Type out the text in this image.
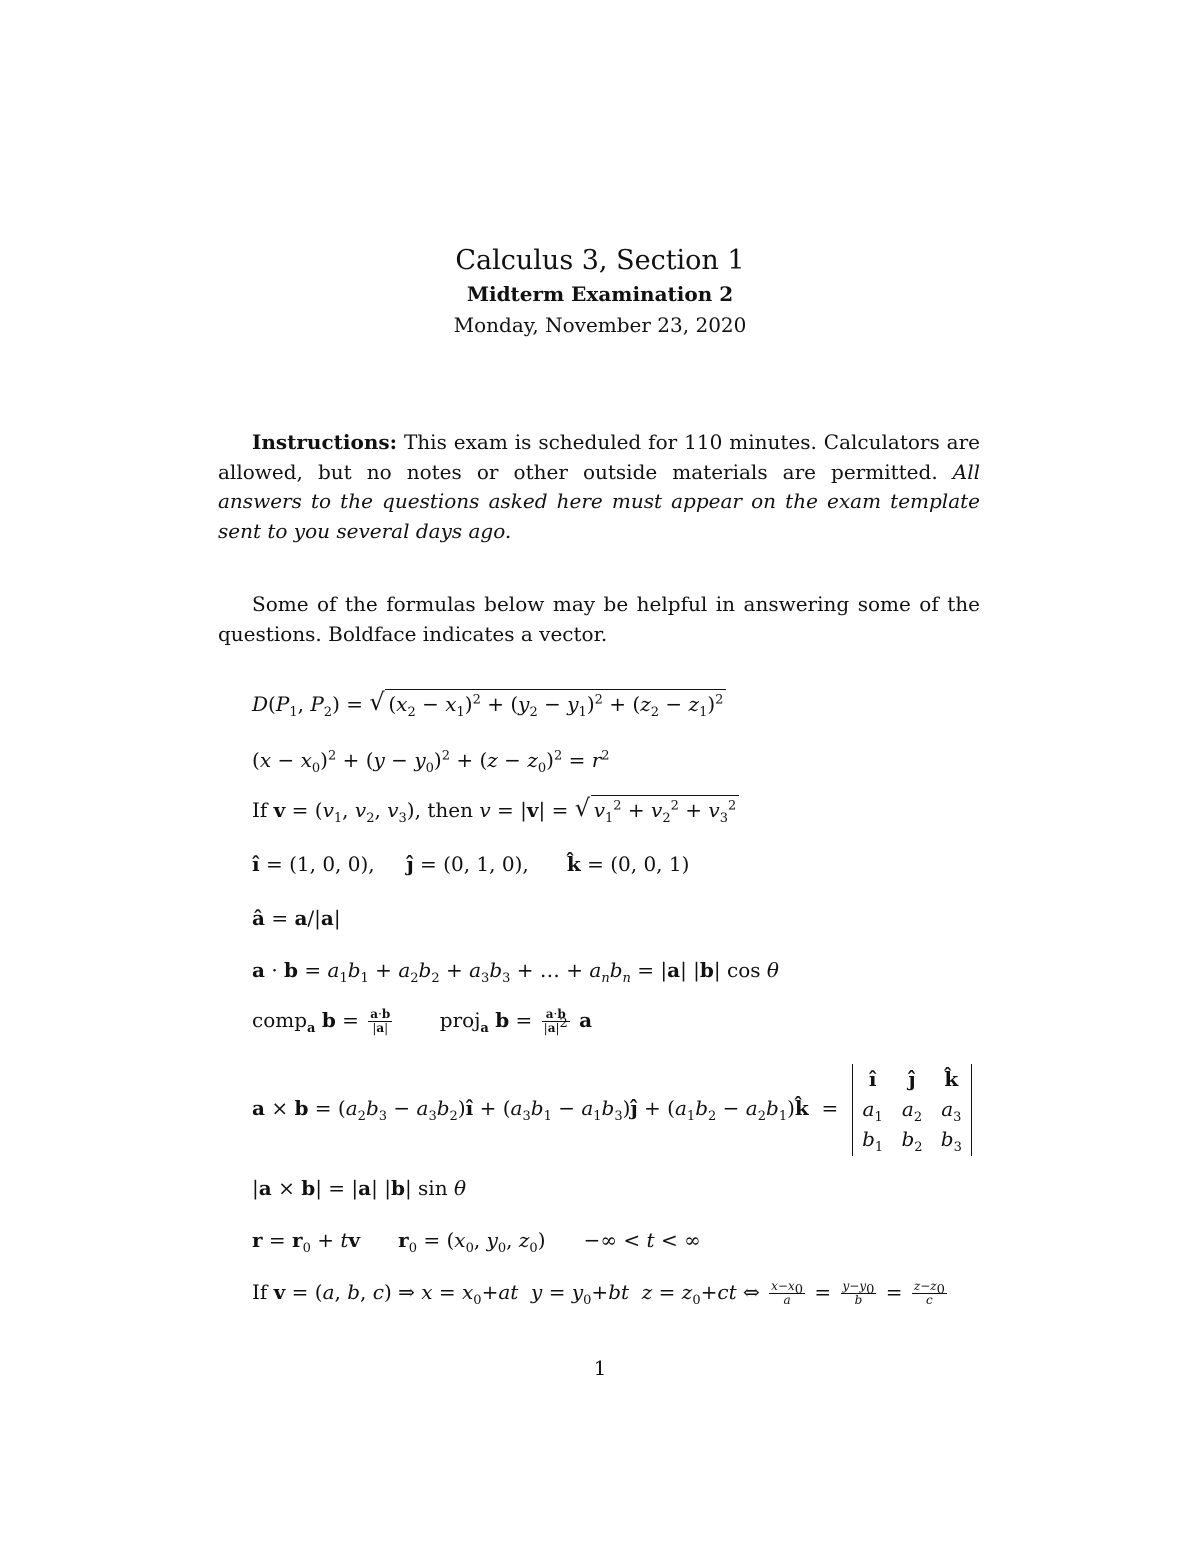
Calculus 3, Section 1
Midterm Examination 2
Monday, November 23, 2020
Instructions: This exam is scheduled for 110 minutes. Calculators are allowed, but no notes or other outside materials are permitted. All answers to the questions asked here must appear on the exam template sent to you several days ago.
Some of the formulas below may be helpful in answering some of the questions. Boldface indicates a vector.
$D(P_1$, $P_2$) = √ $(x_2 - x_1)^2 + (y_2 - y_1)^2 + (z_2 - z_1)^2$
$(x - x_0)^2 + (y - y_0)^2 + (z - z_0)^2 = r^2$
If $v = (v_1$, $v_2$, $v_3$), then v = |v| = √ $v_1^2 + v_2^2 + v_3^2$
î = (1, 0, 0),     ĵ = (0, 1, 0),      k̂ = (0, 0, 1)
â = a/|a|
$a \cdot b = a_1b_1 + a_2b_2 + a_3b_3$ + … + $a_nb_n = |a|$ |b| cos θ
comp$_a$ $b = \frac{a\cdot b}{|a|}$ proj$_a$ $b = \frac{a\cdot b}{|a|^2}$ a
$a \times b = (a_2b_3$ − $a_3b_2)î + (a_3b_1$ − $a_1b_3)ĵ + (a_1b_2$ − $a_2b_1)k̂$  =
î	ĵ	k̂
$a_1$	$a_2$	$a_3$
$b_1$	$b_2$	$b_3$
|a × b| = |a| |b| sin θ
$r = r_0$ + tv $r_0 = (x_0$, $y_0$, $z_0$)      −∞ < t < ∞
If v = (a, b, c) ⇒ $x = x_0+at$ $y = y_0+bt$ $z = z_0+ct$ ⇔ $\frac{x-x_0}{a} = \frac{y-y_0}{b} = \frac{z-z_0}{c}$
1
